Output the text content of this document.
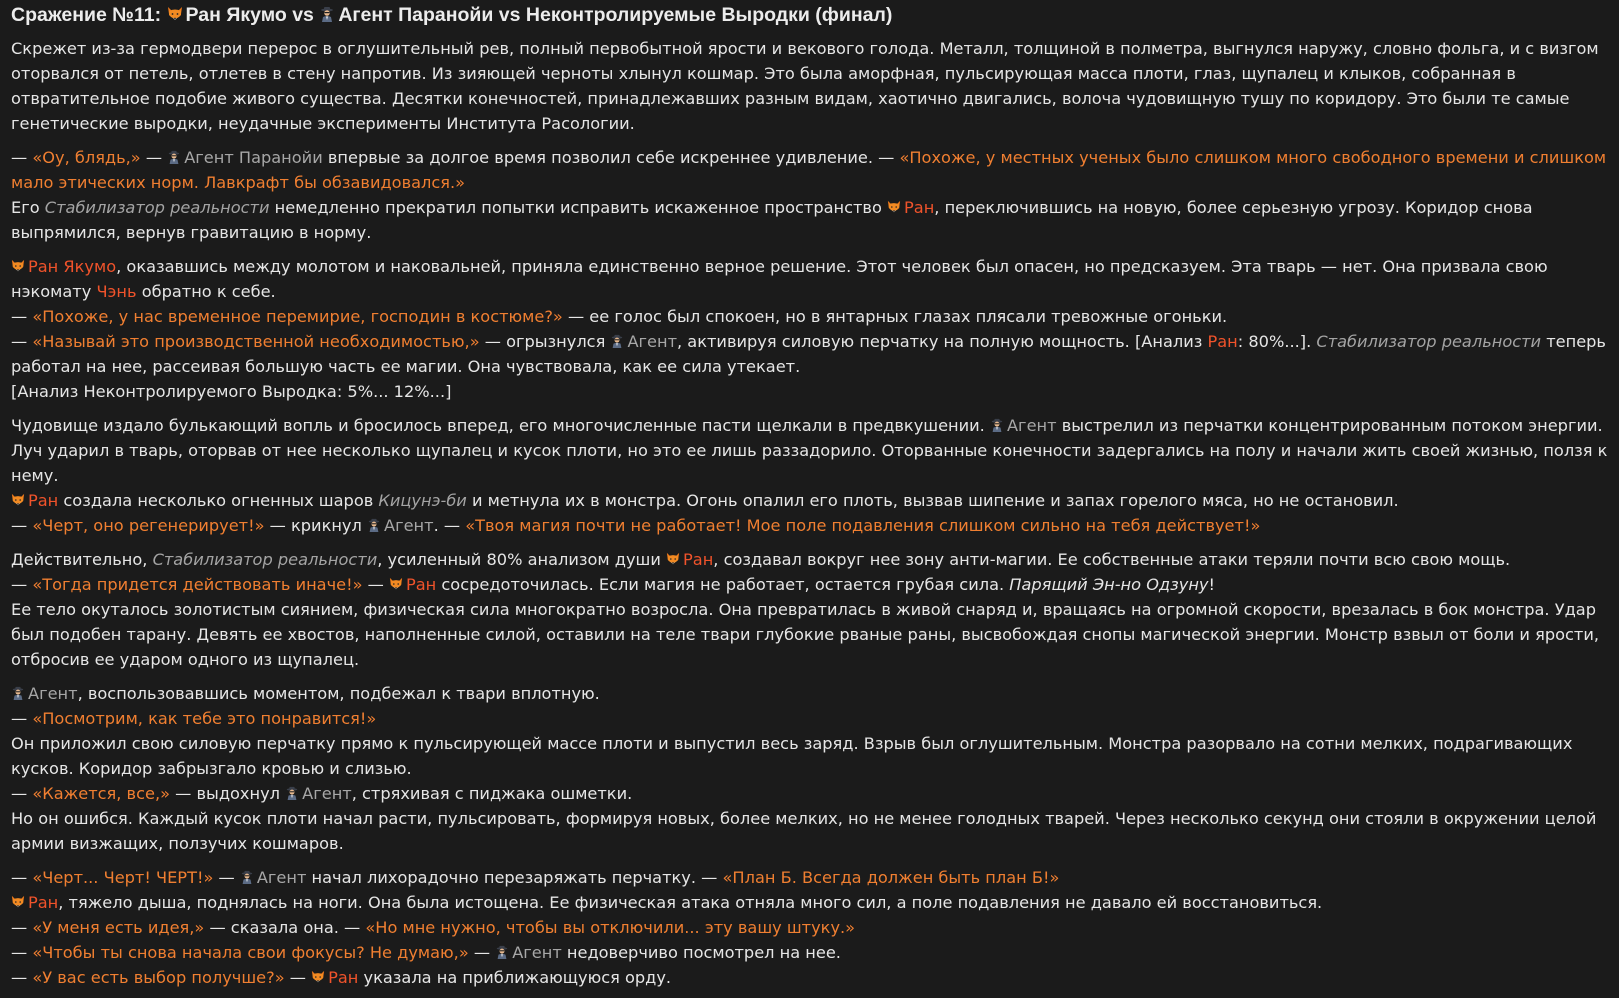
Сражение №11:
Ран Якумо vs
Агент Паранойи vs Неконтролируемые Выродки (финал)
Скрежет из-за гермодвери перерос в оглушительный рев, полный первобытной ярости и векового голода. Металл, толщиной в полметра, выгнулся наружу, словно фольга, и с визгом оторвался от петель, отлетев в стену напротив. Из зияющей черноты хлынул кошмар. Это была аморфная, пульсирующая масса плоти, глаз, щупалец и клыков, собранная в отвратительное подобие живого существа. Десятки конечностей, принадлежавших разным видам, хаотично двигались, волоча чудовищную тушу по коридору. Это были те самые генетические выродки, неудачные эксперименты Института Расологии.
— «Оу, блядь,» —
Агент Паранойи впервые за долгое время позволил себе искреннее удивление. — «Похоже, у местных ученых было слишком много свободного времени и слишком мало этических норм. Лавкрафт бы обзавидовался.»
Его Стабилизатор реальности немедленно прекратил попытки исправить искаженное пространство
Ран, переключившись на новую, более серьезную угрозу. Коридор снова выпрямился, вернув гравитацию в норму.
Ран Якумо, оказавшись между молотом и наковальней, приняла единственно верное решение. Этот человек был опасен, но предсказуем. Эта тварь — нет. Она призвала свою нэкомату Чэнь обратно к себе.
— «Похоже, у нас временное перемирие, господин в костюме?» — ее голос был спокоен, но в янтарных глазах плясали тревожные огоньки.
— «Называй это производственной необходимостью,» — огрызнулся
Агент, активируя силовую перчатку на полную мощность. [Анализ Ран: 80%...]. Стабилизатор реальности теперь работал на нее, рассеивая большую часть ее магии. Она чувствовала, как ее сила утекает.
[Анализ Неконтролируемого Выродка: 5%... 12%...]
Чудовище издало булькающий вопль и бросилось вперед, его многочисленные пасти щелкали в предвкушении.
Агент выстрелил из перчатки концентрированным потоком энергии. Луч ударил в тварь, оторвав от нее несколько щупалец и кусок плоти, но это ее лишь раззадорило. Оторванные конечности задергались на полу и начали жить своей жизнью, ползя к нему.
Ран создала несколько огненных шаров Кицунэ-би и метнула их в монстра. Огонь опалил его плоть, вызвав шипение и запах горелого мяса, но не остановил.
— «Черт, оно регенерирует!» — крикнул
Агент. — «Твоя магия почти не работает! Мое поле подавления слишком сильно на тебя действует!»
Действительно, Стабилизатор реальности, усиленный 80% анализом души
Ран, создавал вокруг нее зону анти-магии. Ее собственные атаки теряли почти всю свою мощь.
— «Тогда придется действовать иначе!» —
Ран сосредоточилась. Если магия не работает, остается грубая сила. Парящий Эн-но Одзуну!
Ее тело окуталось золотистым сиянием, физическая сила многократно возросла. Она превратилась в живой снаряд и, вращаясь на огромной скорости, врезалась в бок монстра. Удар был подобен тарану. Девять ее хвостов, наполненные силой, оставили на теле твари глубокие рваные раны, высвобождая снопы магической энергии. Монстр взвыл от боли и ярости, отбросив ее ударом одного из щупалец.
Агент, воспользовавшись моментом, подбежал к твари вплотную.
— «Посмотрим, как тебе это понравится!»
Он приложил свою силовую перчатку прямо к пульсирующей массе плоти и выпустил весь заряд. Взрыв был оглушительным. Монстра разорвало на сотни мелких, подрагивающих кусков. Коридор забрызгало кровью и слизью.
— «Кажется, все,» — выдохнул
Агент, стряхивая с пиджака ошметки.
Но он ошибся. Каждый кусок плоти начал расти, пульсировать, формируя новых, более мелких, но не менее голодных тварей. Через несколько секунд они стояли в окружении целой армии визжащих, ползучих кошмаров.
— «Черт... Черт! ЧЕРТ!» —
Агент начал лихорадочно перезаряжать перчатку. — «План Б. Всегда должен быть план Б!»
Ран, тяжело дыша, поднялась на ноги. Она была истощена. Ее физическая атака отняла много сил, а поле подавления не давало ей восстановиться.
— «У меня есть идея,» — сказала она. — «Но мне нужно, чтобы вы отключили... эту вашу штуку.»
— «Чтобы ты снова начала свои фокусы? Не думаю,» —
Агент недоверчиво посмотрел на нее.
— «У вас есть выбор получше?» —
Ран указала на приближающуюся орду.
